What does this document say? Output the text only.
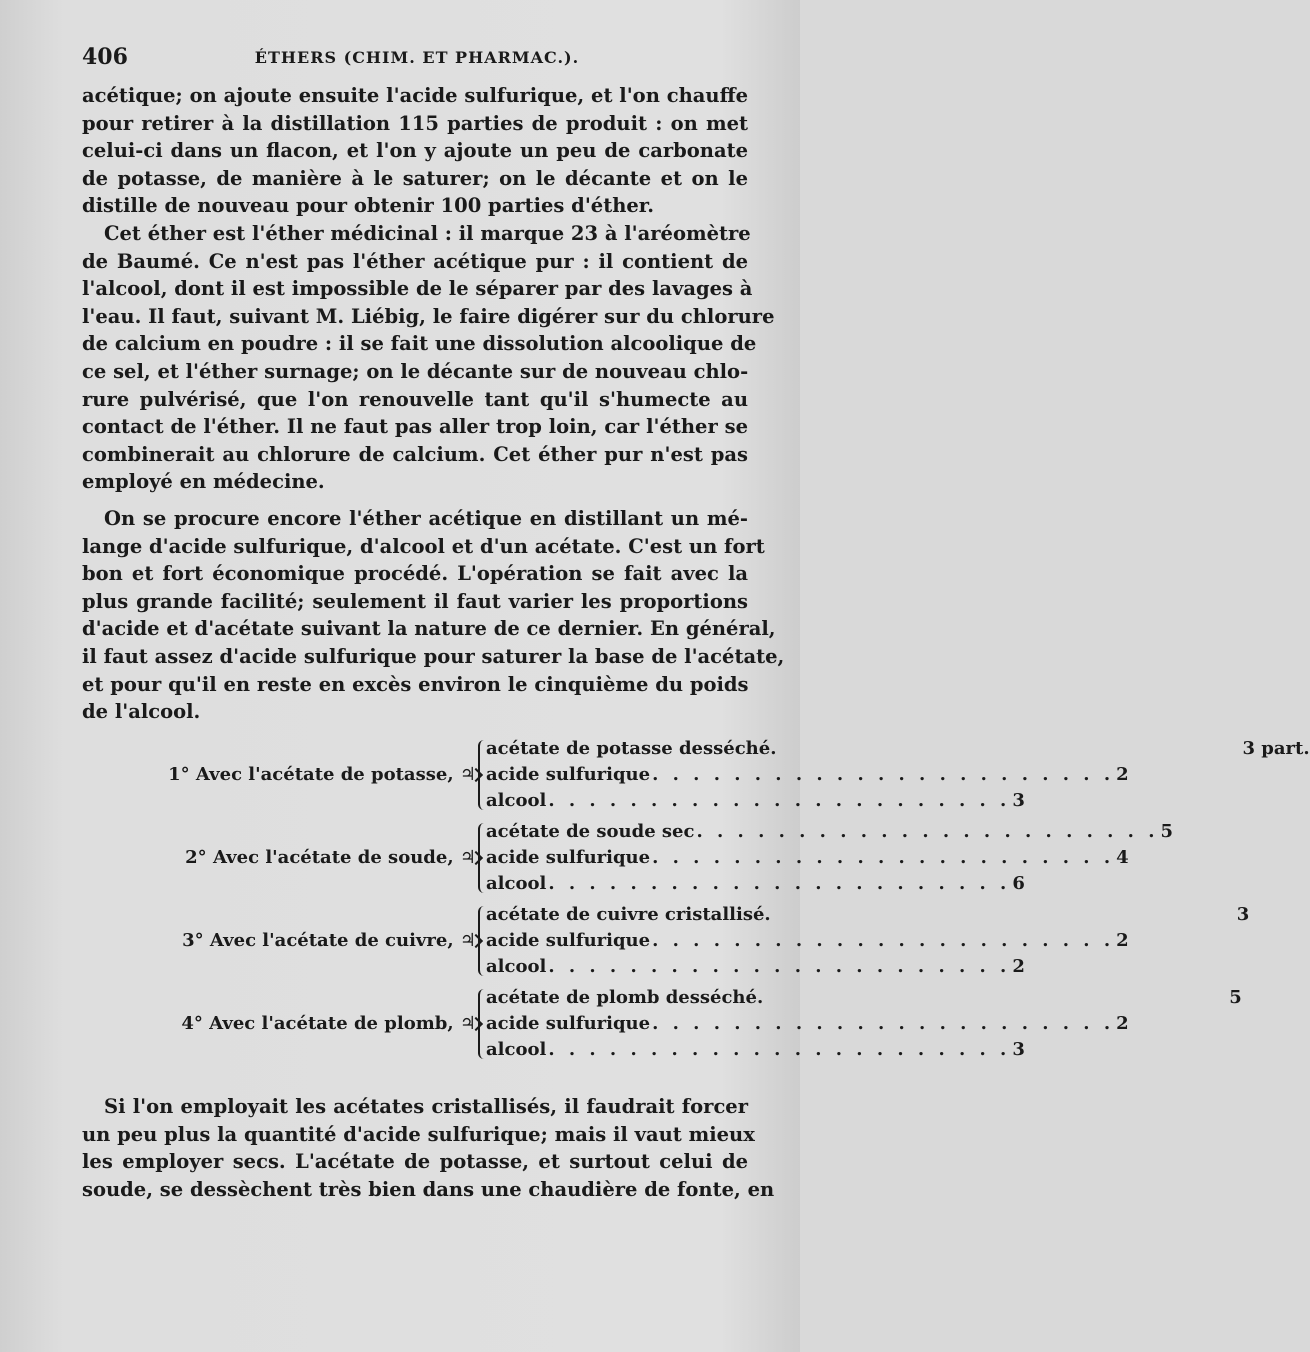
406	ÉTHERS (CHIM. ET PHARMAC.).
acétique; on ajoute ensuite l'acide sulfurique, et l'on chauffe
pour retirer à la distillation 115 parties de produit : on met
celui-ci dans un flacon, et l'on y ajoute un peu de carbonate
de potasse, de manière à le saturer; on le décante et on le
distille de nouveau pour obtenir 100 parties d'éther.
Cet éther est l'éther médicinal : il marque 23 à l'aréomètre
de Baumé. Ce n'est pas l'éther acétique pur : il contient de
l'alcool, dont il est impossible de le séparer par des lavages à
l'eau. Il faut, suivant M. Liébig, le faire digérer sur du chlorure
de calcium en poudre : il se fait une dissolution alcoolique de
ce sel, et l'éther surnage; on le décante sur de nouveau chlo-
rure pulvérisé, que l'on renouvelle tant qu'il s'humecte au
contact de l'éther. Il ne faut pas aller trop loin, car l'éther se
combinerait au chlorure de calcium. Cet éther pur n'est pas
employé en médecine.
On se procure encore l'éther acétique en distillant un mé-
lange d'acide sulfurique, d'alcool et d'un acétate. C'est un fort
bon et fort économique procédé. L'opération se fait avec la
plus grande facilité; seulement il faut varier les proportions
d'acide et d'acétate suivant la nature de ce dernier. En général,
il faut assez d'acide sulfurique pour saturer la base de l'acétate,
et pour qu'il en reste en excès environ le cinquième du poids
de l'alcool.
1° Avec l'acétate de potasse, ♃
acétate de potasse desséché.	3 part.
acide sulfurique . . .	2
alcool . . .	3
2° Avec l'acétate de soude, ♃
acétate de soude sec . . .	5
acide sulfurique . . .	4
alcool . . .	6
3° Avec l'acétate de cuivre, ♃
acétate de cuivre cristallisé.	3
acide sulfurique . . .	2
alcool . . .	2
4° Avec l'acétate de plomb, ♃
acétate de plomb desséché.	5
acide sulfurique . . .	2
alcool . . .	3
Si l'on employait les acétates cristallisés, il faudrait forcer
un peu plus la quantité d'acide sulfurique; mais il vaut mieux
les employer secs. L'acétate de potasse, et surtout celui de
soude, se dessèchent très bien dans une chaudière de fonte, en
